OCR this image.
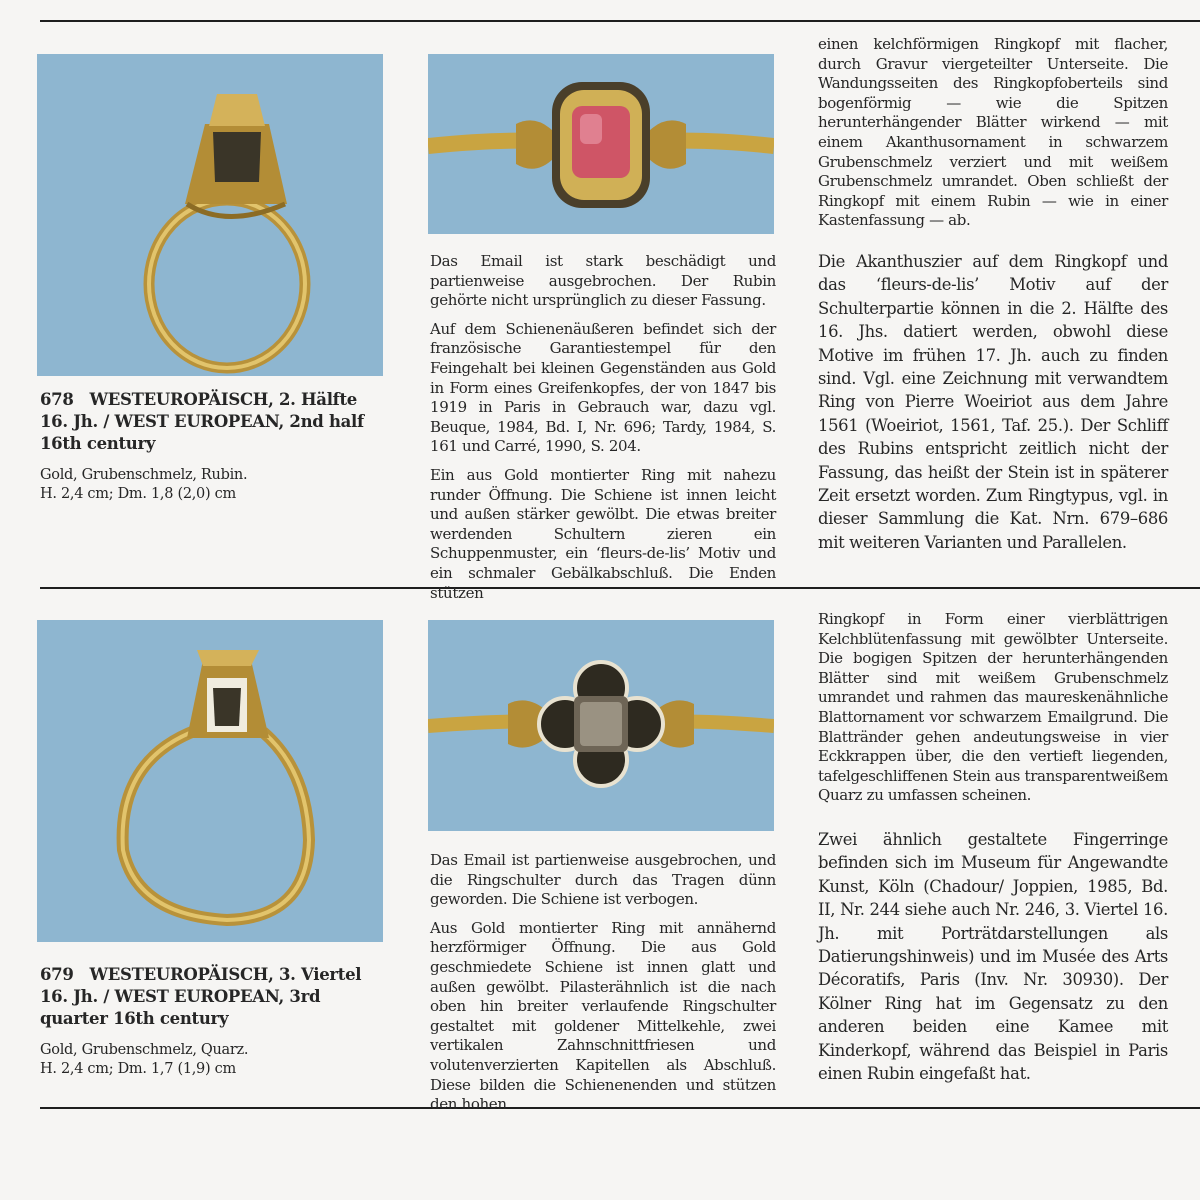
678 WESTEUROPÄISCH, 2. Hälfte 16. Jh. / WEST EUROPEAN, 2nd half 16th century

Gold, Grubenschmelz, Rubin.

H. 2,4 cm; Dm. 1,8 (2,0) cm

Das Email ist stark beschädigt und partienweise ausgebrochen. Der Rubin gehörte nicht ursprünglich zu dieser Fassung.

Auf dem Schienenäußeren befindet sich der französische Garantiestempel für den Feingehalt bei kleinen Gegenständen aus Gold in Form eines Greifenkopfes, der von 1847 bis 1919 in Paris in Gebrauch war, dazu vgl. Beuque, 1984, Bd. I, Nr. 696; Tardy, 1984, S. 161 und Carré, 1990, S. 204.

Ein aus Gold montierter Ring mit nahezu runder Öffnung. Die Schiene ist innen leicht und außen stärker gewölbt. Die etwas breiter werdenden Schultern zieren ein Schuppenmuster, ein ‘fleurs-de-lis’ Motiv und ein schmaler Gebälkabschluß. Die Enden stützen

einen kelchförmigen Ringkopf mit flacher, durch Gravur viergeteilter Unterseite. Die Wandungsseiten des Ringkopfoberteils sind bogenförmig — wie die Spitzen herunterhängender Blätter wirkend — mit einem Akanthusornament in schwarzem Grubenschmelz verziert und mit weißem Grubenschmelz umrandet. Oben schließt der Ringkopf mit einem Rubin — wie in einer Kastenfassung — ab.

Die Akanthuszier auf dem Ringkopf und das ‘fleurs-de-lis’ Motiv auf der Schulterpartie können in die 2. Hälfte des 16. Jhs. datiert werden, obwohl diese Motive im frühen 17. Jh. auch zu finden sind. Vgl. eine Zeichnung mit verwandtem Ring von Pierre Woeiriot aus dem Jahre 1561 (Woeiriot, 1561, Taf. 25.). Der Schliff des Rubins entspricht zeitlich nicht der Fassung, das heißt der Stein ist in späterer Zeit ersetzt worden. Zum Ringtypus, vgl. in dieser Sammlung die Kat. Nrn. 679–686 mit weiteren Varianten und Parallelen.

679 WESTEUROPÄISCH, 3. Viertel 16. Jh. / WEST EUROPEAN, 3rd quarter 16th century

Gold, Grubenschmelz, Quarz.

H. 2,4 cm; Dm. 1,7 (1,9) cm

Das Email ist partienweise ausgebrochen, und die Ringschulter durch das Tragen dünn geworden. Die Schiene ist verbogen.

Aus Gold montierter Ring mit annähernd herzförmiger Öffnung. Die aus Gold geschmiedete Schiene ist innen glatt und außen gewölbt. Pilasterähnlich ist die nach oben hin breiter verlaufende Ringschulter gestaltet mit goldener Mittelkehle, zwei vertikalen Zahnschnittfriesen und volutenverzierten Kapitellen als Abschluß. Diese bilden die Schienenenden und stützen den hohen

Ringkopf in Form einer vierblättrigen Kelchblütenfassung mit gewölbter Unterseite. Die bogigen Spitzen der herunterhängenden Blätter sind mit weißem Grubenschmelz umrandet und rahmen das maureskenähnliche Blattornament vor schwarzem Emailgrund. Die Blattränder gehen andeutungsweise in vier Eckkrappen über, die den vertieft liegenden, tafelgeschliffenen Stein aus transparentweißem Quarz zu umfassen scheinen.

Zwei ähnlich gestaltete Fingerringe befinden sich im Museum für Angewandte Kunst, Köln (Chadour/ Joppien, 1985, Bd. II, Nr. 244 siehe auch Nr. 246, 3. Viertel 16. Jh. mit Porträtdarstellungen als Datierungshinweis) und im Musée des Arts Décoratifs, Paris (Inv. Nr. 30930). Der Kölner Ring hat im Gegensatz zu den anderen beiden eine Kamee mit Kinderkopf, während das Beispiel in Paris einen Rubin eingefaßt hat.
